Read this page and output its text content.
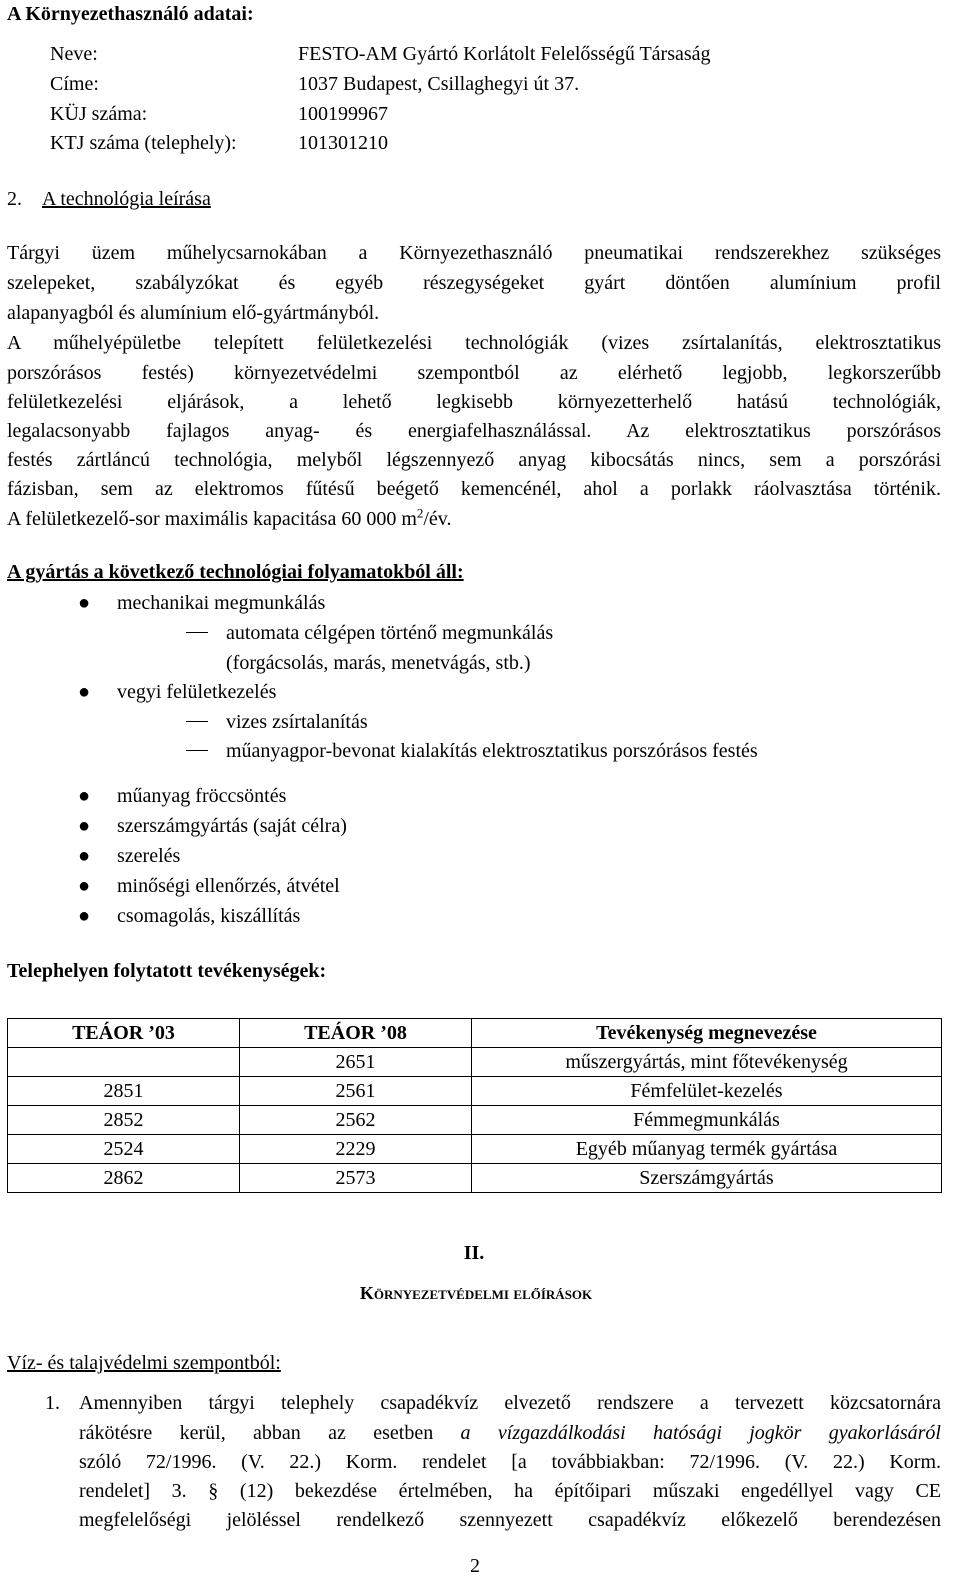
A Környezethasználó adatai:
Neve:	FESTO-AM Gyártó Korlátolt Felelősségű Társaság
Címe:	1037 Budapest, Csillaghegyi út 37.
KÜJ száma:	100199967
KTJ száma (telephely):	101301210
2. A technológia leírása
Tárgyi üzem műhelycsarnokában a Környezethasználó pneumatikai rendszerekhez szükséges
szelepeket, szabályzókat és egyéb részegységeket gyárt döntően alumínium profil
alapanyagból és alumínium elő-gyártmányból.
A műhelyépületbe telepített felületkezelési technológiák (vizes zsírtalanítás, elektrosztatikus
porszórásos festés) környezetvédelmi szempontból az elérhető legjobb, legkorszerűbb
felületkezelési eljárások, a lehető legkisebb környezetterhelő hatású technológiák,
legalacsonyabb fajlagos anyag- és energiafelhasználással. Az elektrosztatikus porszórásos
festés zártláncú technológia, melyből légszennyező anyag kibocsátás nincs, sem a porszórási
fázisban, sem az elektromos fűtésű beégető kemencénél, ahol a porlakk ráolvasztása történik.
A felületkezelő-sor maximális kapacitása 60 000 $m^2/év$.
A gyártás a következő technológiai folyamatokból áll:
● mechanikai megmunkálás
automata célgépen történő megmunkálás
(forgácsolás, marás, menetvágás, stb.)
● vegyi felületkezelés
vizes zsírtalanítás
műanyagpor-bevonat kialakítás elektrosztatikus porszórásos festés
● műanyag fröccsöntés
● szerszámgyártás (saját célra)
● szerelés
● minőségi ellenőrzés, átvétel
● csomagolás, kiszállítás
Telephelyen folytatott tevékenységek:
TEÁOR ’03	TEÁOR ’08	Tevékenység megnevezése
	2651	műszergyártás, mint főtevékenység
2851	2561	Fémfelület-kezelés
2852	2562	Fémmegmunkálás
2524	2229	Egyéb műanyag termék gyártása
2862	2573	Szerszámgyártás
II.
Környezetvédelmi előírások
Víz- és talajvédelmi szempontból:
1. Amennyiben tárgyi telephely csapadékvíz elvezető rendszere a tervezett közcsatornára
rákötésre kerül, abban az esetben a vízgazdálkodási hatósági jogkör gyakorlásáról
szóló 72/1996. (V. 22.) Korm. rendelet [a továbbiakban: 72/1996. (V. 22.) Korm.
rendelet] 3. § (12) bekezdése értelmében, ha építőipari műszaki engedéllyel vagy CE
megfelelőségi jelöléssel rendelkező szennyezett csapadékvíz előkezelő berendezésen
2
